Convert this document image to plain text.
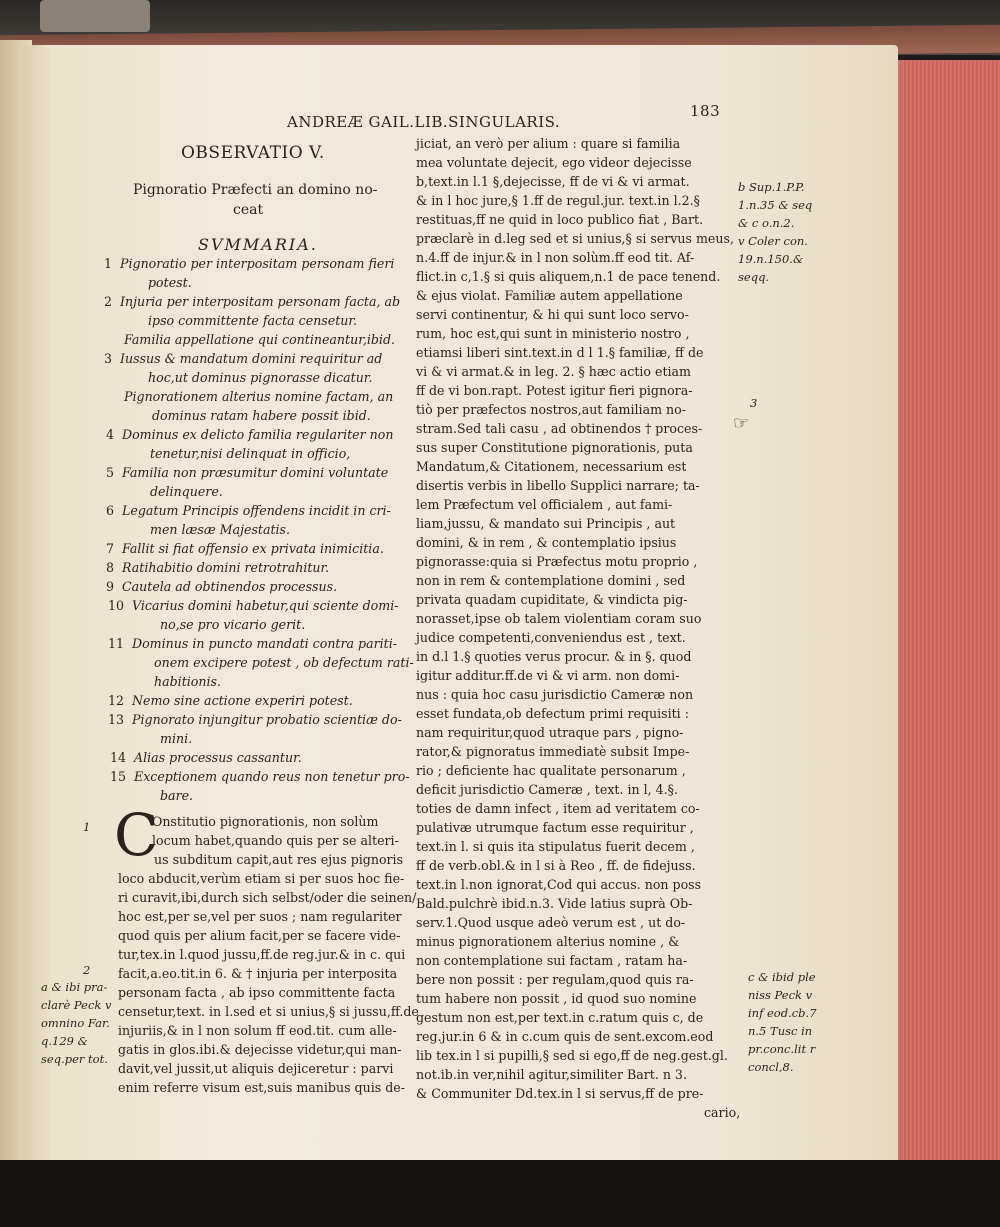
ANDREÆ GAIL.LIB.SINGULARIS.
183
OBSERVATIO V.
Pignoratio Præfecti an domino no-
ceat
SVMMARIA.
1 Pignoratio per interpositam personam fieri
potest.
2 Injuria per interpositam personam facta, ab
ipso committente facta censetur.
Familia appellatione qui contineantur,ibid.
3 Iussus & mandatum domini requiritur ad
hoc,ut dominus pignorasse dicatur.
Pignorationem alterius nomine factam, an
dominus ratam habere possit ibid.
4 Dominus ex delicto familia regulariter non
tenetur,nisi delinquat in officio,
5 Familia non præsumitur domini voluntate
delinquere.
6 Legatum Principis offendens incidit in cri-
men læsæ Majestatis.
7 Fallit si fiat offensio ex privata inimicitia.
8 Ratihabitio domini retrotrahitur.
9 Cautela ad obtinendos processus.
10 Vicarius domini habetur,qui sciente domi-
no,se pro vicario gerit.
11 Dominus in puncto mandati contra pariti-
onem excipere potest , ob defectum rati-
habitionis.
12 Nemo sine actione experiri potest.
13 Pignorato injungitur probatio scientiæ do-
mini.
14 Alias processus cassantur.
15 Exceptionem quando reus non tenetur pro-
bare.
C
Onstitutio pignorationis, non solùm
locum habet,quando quis per se alteri-
us subditum capit,aut res ejus pignoris
loco abducit,verùm etiam si per suos hoc fie-
ri curavit,ibi,durch sich selbst/oder die seinen/
hoc est,per se,vel per suos ; nam regulariter
quod quis per alium facit,per se facere vide-
tur,tex.in l.quod jussu,ff.de reg.jur.& in c. qui
facit,a.eo.tit.in 6. & † injuria per interposita
personam facta , ab ipso committente facta
censetur,text. in l.sed et si unius,§ si jussu,ff.de
injuriis,& in l non solum ff eod.tit. cum alle-
gatis in glos.ibi.& dejecisse videtur,qui man-
davit,vel jussit,ut aliquis dejiceretur : parvi
enim referre visum est,suis manibus quis de-
1
2
a & ibi pra-
clarè Peck v
omnino Far.
q.129 &
seq.per tot.
jiciat, an verò per alium : quare si familia
mea voluntate dejecit, ego videor dejecisse
b,text.in l.1 §,dejecisse, ff de vi & vi armat.
& in l hoc jure,§ 1.ff de regul.jur. text.in l.2.§
restituas,ff ne quid in loco publico fiat , Bart.
præclarè in d.leg sed et si unius,§ si servus meus,
n.4.ff de injur.& in l non solùm.ff eod tit. Af-
flict.in c,1.§ si quis aliquem,n.1 de pace tenend.
& ejus violat. Familiæ autem appellatione
servi continentur, & hi qui sunt loco servo-
rum, hoc est,qui sunt in ministerio nostro ,
etiamsi liberi sint.text.in d l 1.§ familiæ, ff de
vi & vi armat.& in leg. 2. § hæc actio etiam
ff de vi bon.rapt. Potest igitur fieri pignora-
tiò per præfectos nostros,aut familiam no-
stram.Sed tali casu , ad obtinendos † proces-
sus super Constitutione pignorationis, puta
Mandatum,& Citationem, necessarium est
disertis verbis in libello Supplici narrare; ta-
lem Præfectum vel officialem , aut fami-
liam,jussu, & mandato sui Principis , aut
domini, & in rem , & contemplatio ipsius
pignorasse:quia si Præfectus motu proprio ,
non in rem & contemplatione domini , sed
privata quadam cupiditate, & vindicta pig-
norasset,ipse ob talem violentiam coram suo
judice competenti,conveniendus est , text.
in d.l 1.§ quoties verus procur. & in §. quod
igitur additur.ff.de vi & vi arm. non domi-
nus : quia hoc casu jurisdictio Cameræ non
esset fundata,ob defectum primi requisiti :
nam requiritur,quod utraque pars , pigno-
rator,& pignoratus immediatè subsit Impe-
rio ; deficiente hac qualitate personarum ,
deficit jurisdictio Cameræ , text. in l, 4.§.
toties de damn infect , item ad veritatem co-
pulativæ utrumque factum esse requiritur ,
text.in l. si quis ita stipulatus fuerit decem ,
ff de verb.obl.& in l si à Reo , ff. de fidejuss.
text.in l.non ignorat,Cod qui accus. non poss
Bald.pulchrè ibid.n.3. Vide latius suprà Ob-
serv.1.Quod usque adeò verum est , ut do-
minus pignorationem alterius nomine , &
non contemplatione sui factam , ratam ha-
bere non possit : per regulam,quod quis ra-
tum habere non possit , id quod suo nomine
gestum non est,per text.in c.ratum quis c, de
reg.jur.in 6 & in c.cum quis de sent.excom.eod
lib tex.in l si pupilli,§ sed si ego,ff de neg.gest.gl.
not.ib.in ver,nihil agitur,similiter Bart. n 3.
& Communiter Dd.tex.in l si servus,ff de pre-
cario,
☞
b Sup.1.P.P.
1.n.35 & seq
& c o.n.2.
v Coler con.
19.n.150.&
seqq.
3
c & ibid ple
niss Peck v
inf eod.cb.7
n.5 Tusc in
pr.conc.lit r
concl,8.
